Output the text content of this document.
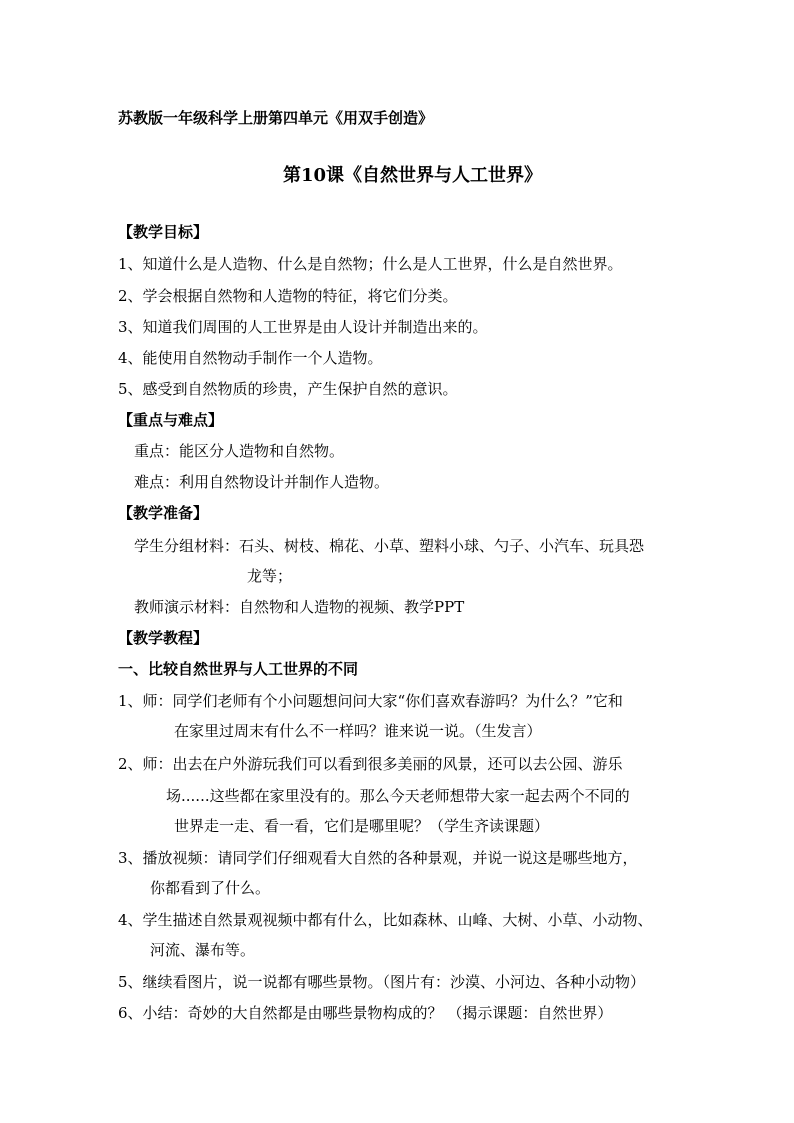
苏教版一年级科学上册第四单元《用双手创造》
第10课《自然世界与人工世界》
【教学目标】
1、知道什么是人造物、什么是自然物；什么是人工世界，什么是自然世界。
2、学会根据自然物和人造物的特征，将它们分类。
3、知道我们周围的人工世界是由人设计并制造出来的。
4、能使用自然物动手制作一个人造物。
5、感受到自然物质的珍贵，产生保护自然的意识。
【重点与难点】
重点：能区分人造物和自然物。
难点：利用自然物设计并制作人造物。
【教学准备】
学生分组材料：石头、树枝、棉花、小草、塑料小球、勺子、小汽车、玩具恐
龙等；
教师演示材料：自然物和人造物的视频、教学PPT
【教学教程】
一、比较自然世界与人工世界的不同
1、师：同学们老师有个小问题想问问大家“你们喜欢春游吗？为什么？”它和
在家里过周末有什么不一样吗？谁来说一说。（生发言）
2、师：出去在户外游玩我们可以看到很多美丽的风景，还可以去公园、游乐
场......这些都在家里没有的。那么今天老师想带大家一起去两个不同的
世界走一走、看一看，它们是哪里呢？（学生齐读课题）
3、播放视频：请同学们仔细观看大自然的各种景观，并说一说这是哪些地方，
你都看到了什么。
4、学生描述自然景观视频中都有什么，比如森林、山峰、大树、小草、小动物、
河流、瀑布等。
5、继续看图片，说一说都有哪些景物。（图片有：沙漠、小河边、各种小动物）
6、小结：奇妙的大自然都是由哪些景物构成的？ （揭示课题：自然世界）
